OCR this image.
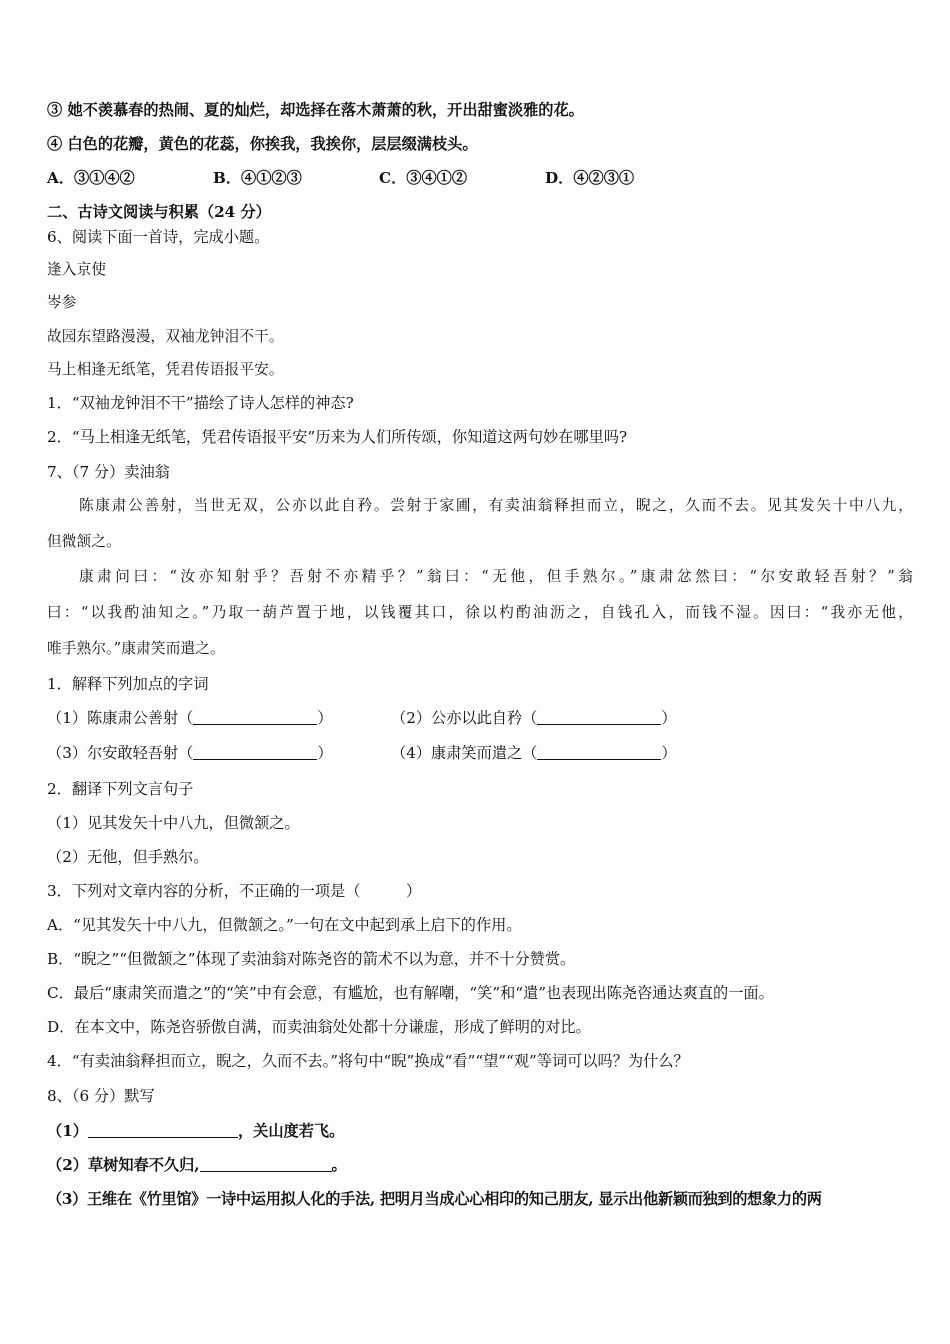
③ 她不羡慕春的热闹、夏的灿烂，却选择在落木萧萧的秋，开出甜蜜淡雅的花。
④ 白色的花瓣，黄色的花蕊，你挨我，我挨你，层层缀满枝头。
A．③①④②	B．④①②③	C．③④①②	D．④②③①
二、古诗文阅读与积累（24 分）
6、阅读下面一首诗，完成小题。
逢入京使
岑参
故园东望路漫漫，双袖龙钟泪不干。
马上相逢无纸笔，凭君传语报平安。
1．“双袖龙钟泪不干”描绘了诗人怎样的神态?
2．“马上相逢无纸笔，凭君传语报平安”历来为人们所传颂，你知道这两句妙在哪里吗?
7、（7 分）卖油翁
陈康肃公善射，当世无双，公亦以此自矜。尝射于家圃，有卖油翁释担而立，睨之，久而不去。见其发矢十中八九，
但微颔之。
康肃问曰：“汝亦知射乎？吾射不亦精乎？”翁曰：“无他，但手熟尔。”康肃忿然曰：“尔安敢轻吾射？”翁
曰：“以我酌油知之。”乃取一葫芦置于地，以钱覆其口，徐以杓酌油沥之，自钱孔入，而钱不湿。因曰：“我亦无他，
唯手熟尔。”康肃笑而遣之。
1．解释下列加点的字词
（1）陈康肃公善射（	）	（2）公亦以此自矜（	）
（3）尔安敢轻吾射（	）	（4）康肃笑而遣之（	）
2．翻译下列文言句子
（1）见其发矢十中八九，但微颔之。
（2）无他，但手熟尔。
3．下列对文章内容的分析，不正确的一项是（　　　）
A．“见其发矢十中八九，但微颔之。”一句在文中起到承上启下的作用。
B．“睨之”“但微颔之”体现了卖油翁对陈尧咨的箭术不以为意，并不十分赞赏。
C．最后“康肃笑而遣之”的“笑”中有会意，有尴尬，也有解嘲，“笑”和“遣”也表现出陈尧咨通达爽直的一面。
D．在本文中，陈尧咨骄傲自满，而卖油翁处处都十分谦虚，形成了鲜明的对比。
4．“有卖油翁释担而立，睨之，久而不去。”将句中“睨”换成“看”“望”“观”等词可以吗？为什么？
8、（6 分）默写
（1）	，关山度若飞。
（2）草树知春不久归,	。
（3）王维在《竹里馆》一诗中运用拟人化的手法, 把明月当成心心相印的知己朋友, 显示出他新颖而独到的想象力的两
